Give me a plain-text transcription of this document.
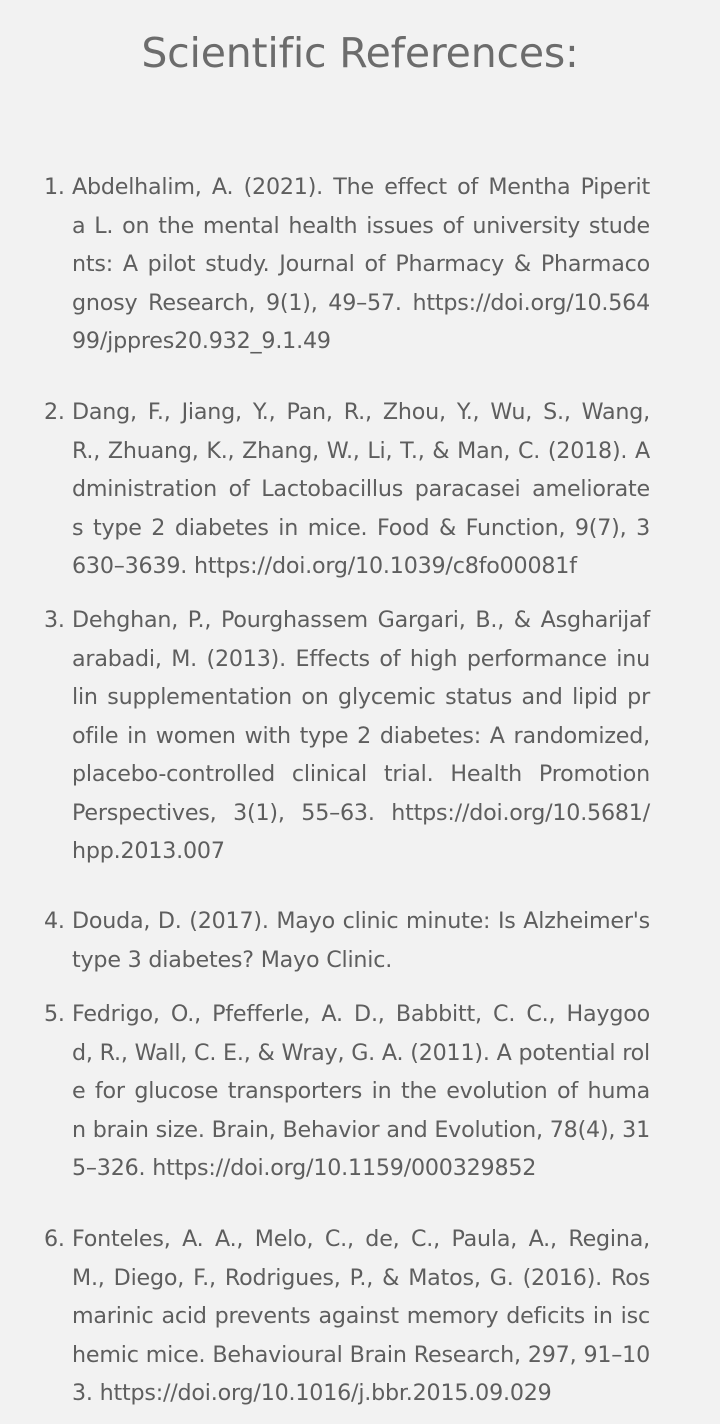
Scientific References:
1. Abdelhalim, A. (2021). The effect of Mentha Piperit
a L. on the mental health issues of university stude
nts: A pilot study. Journal of Pharmacy & Pharmaco
gnosy Research, 9(1), 49–57. https://doi.org/10.564
99/jppres20.932_9.1.49
2. Dang, F., Jiang, Y., Pan, R., Zhou, Y., Wu, S., Wang,
R., Zhuang, K., Zhang, W., Li, T., & Man, C. (2018). A
dministration of Lactobacillus paracasei ameliorate
s type 2 diabetes in mice. Food & Function, 9(7), 3
630–3639. https://doi.org/10.1039/c8fo00081f
3. Dehghan, P., Pourghassem Gargari, B., & Asgharijaf
arabadi, M. (2013). Effects of high performance inu
lin supplementation on glycemic status and lipid pr
ofile in women with type 2 diabetes: A randomized,
placebo-controlled clinical trial. Health Promotion
Perspectives, 3(1), 55–63. https://doi.org/10.5681/
hpp.2013.007
4. Douda, D. (2017). Mayo clinic minute: Is Alzheimer's
type 3 diabetes? Mayo Clinic.
5. Fedrigo, O., Pfefferle, A. D., Babbitt, C. C., Haygoo
d, R., Wall, C. E., & Wray, G. A. (2011). A potential rol
e for glucose transporters in the evolution of huma
n brain size. Brain, Behavior and Evolution, 78(4), 31
5–326. https://doi.org/10.1159/000329852
6. Fonteles, A. A., Melo, C., de, C., Paula, A., Regina,
M., Diego, F., Rodrigues, P., & Matos, G. (2016). Ros
marinic acid prevents against memory deficits in isc
hemic mice. Behavioural Brain Research, 297, 91–10
3. https://doi.org/10.1016/j.bbr.2015.09.029
